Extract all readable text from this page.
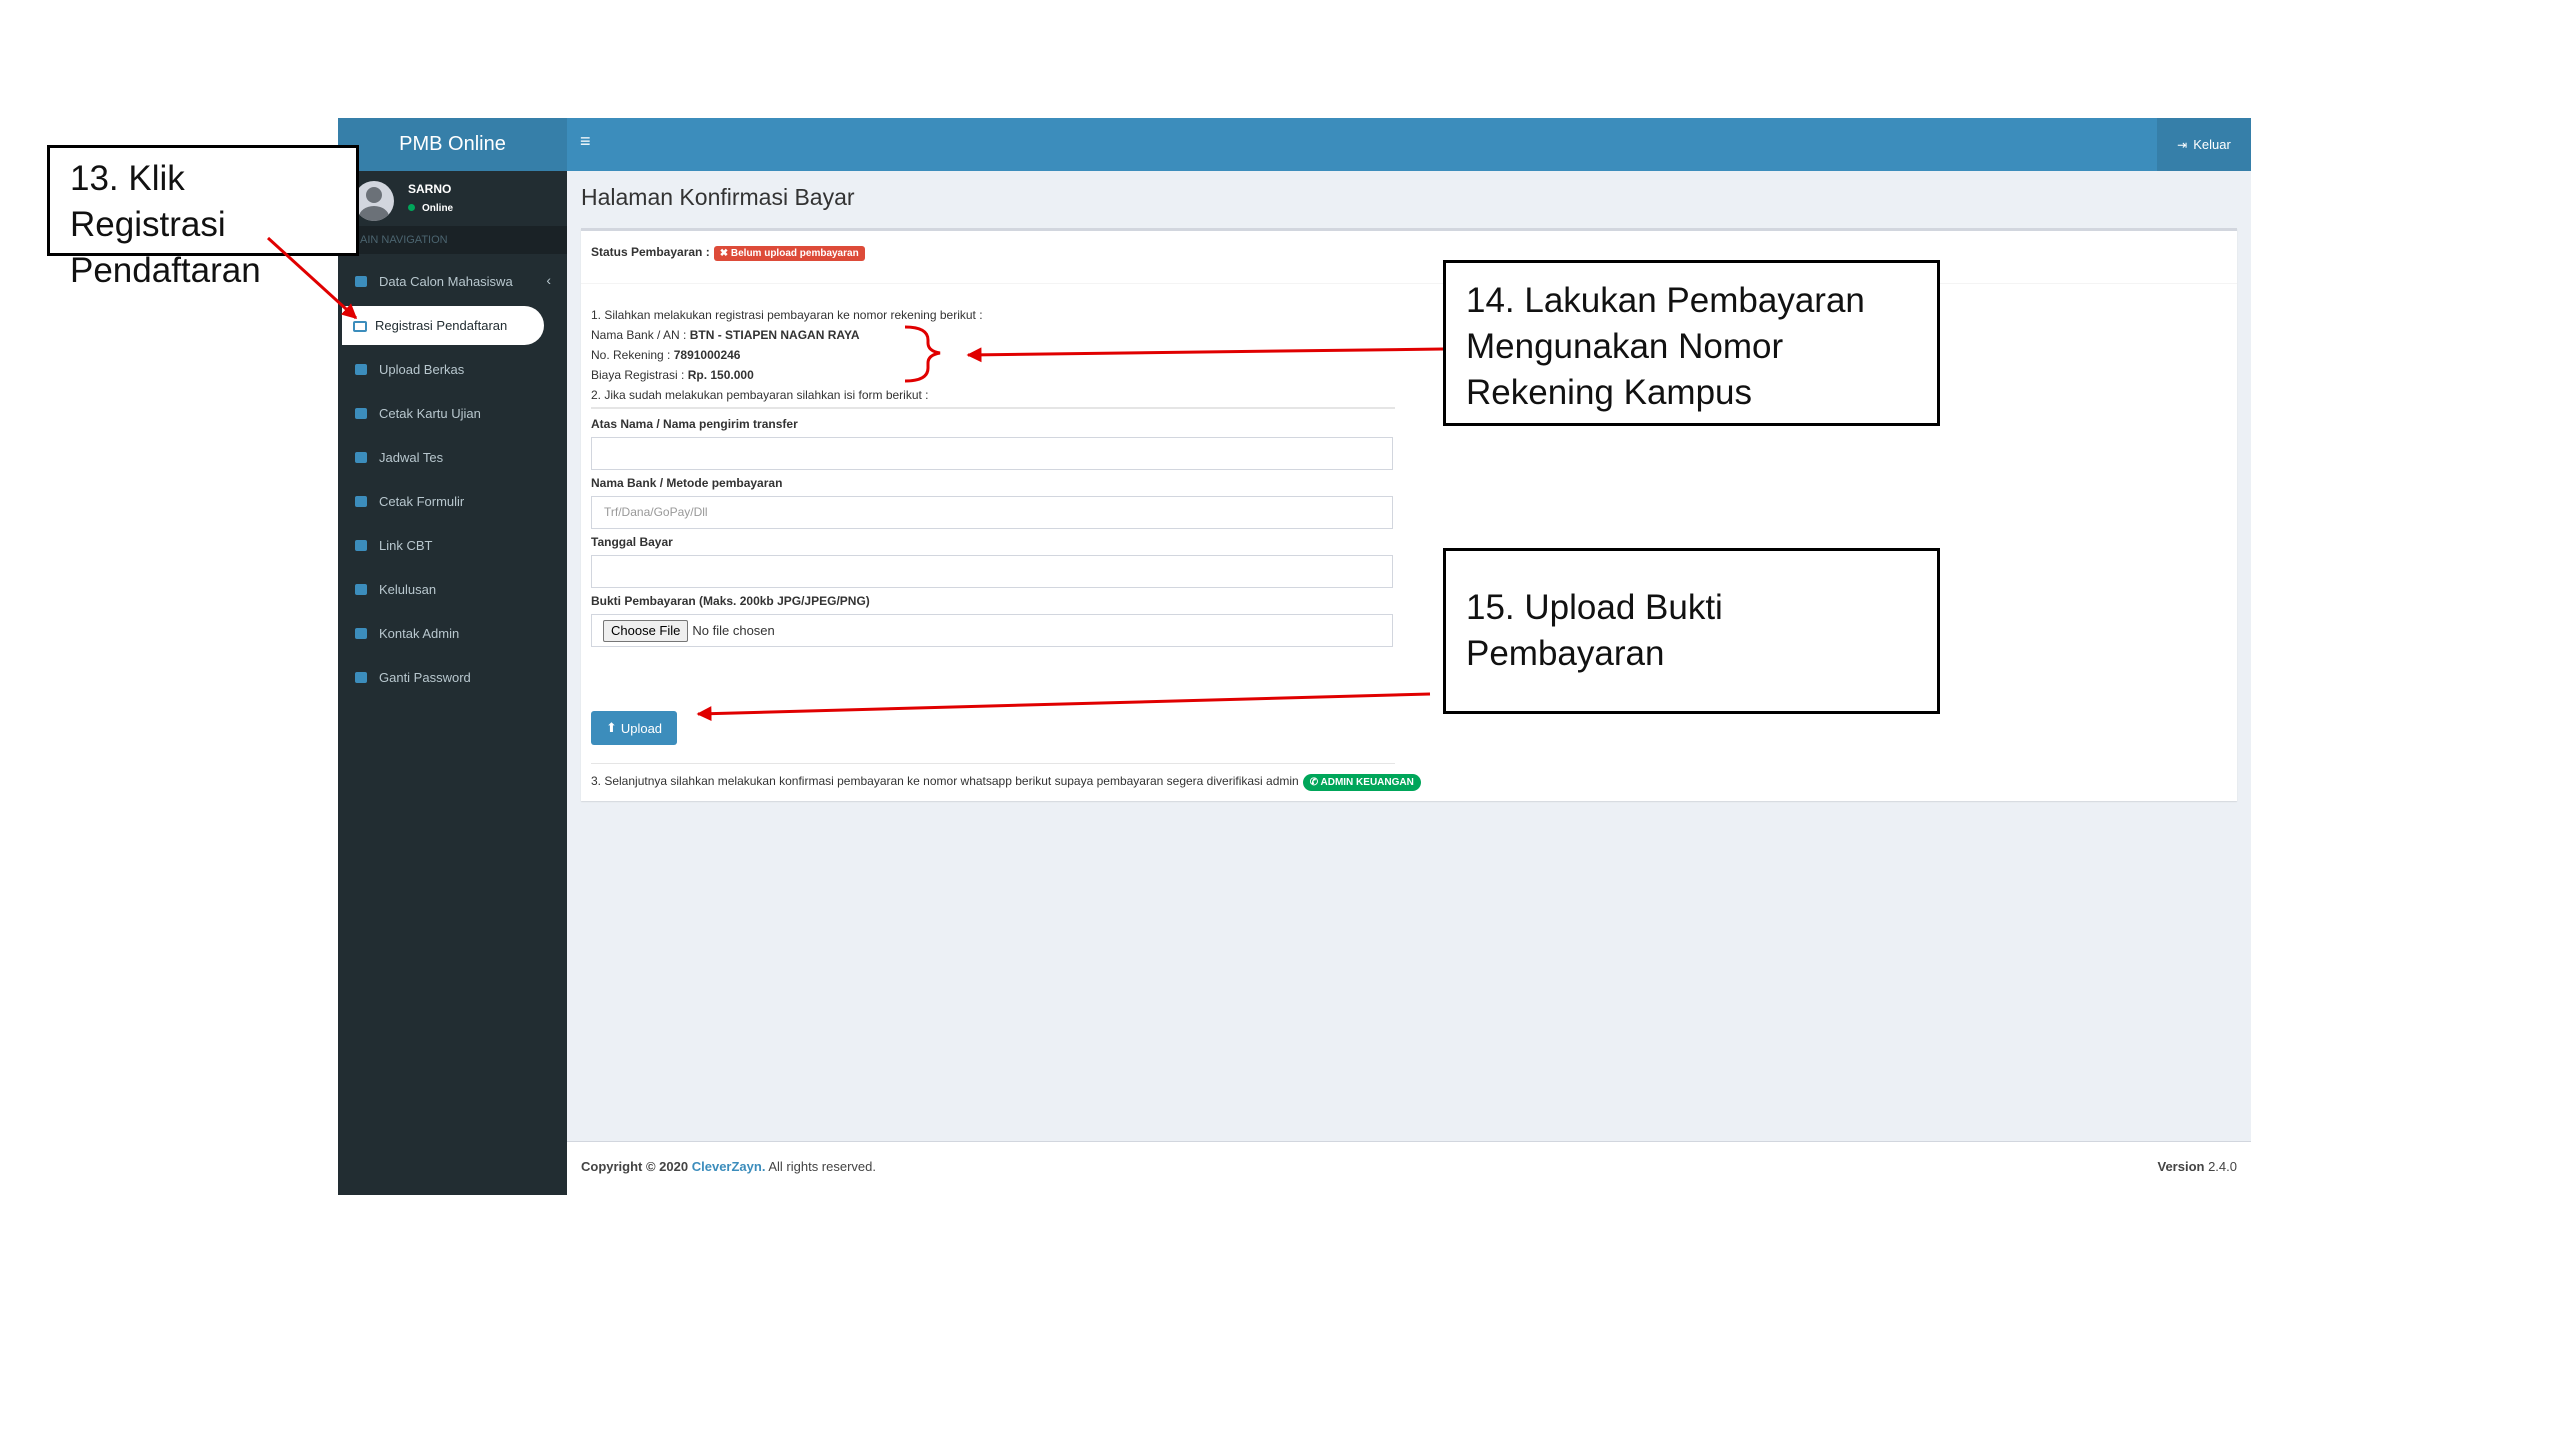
PMB Online
SARNO
Online
AIN NAVIGATION
Data Calon Mahasiswa ‹
Registrasi Pendaftaran
Upload Berkas
Cetak Kartu Ujian
Jadwal Tes
Cetak Formulir
Link CBT
Kelulusan
Kontak Admin
Ganti Password
≡	⇥ Keluar
Halaman Konfirmasi Bayar
Status Pembayaran : ✖ Belum upload pembayaran
1. Silahkan melakukan registrasi pembayaran ke nomor rekening berikut :
Nama Bank / AN : BTN - STIAPEN NAGAN RAYA
No. Rekening : 7891000246
Biaya Registrasi : Rp. 150.000
2. Jika sudah melakukan pembayaran silahkan isi form berikut :
Atas Nama / Nama pengirim transfer
Nama Bank / Metode pembayaran
Trf/Dana/GoPay/Dll
Tanggal Bayar
Bukti Pembayaran (Maks. 200kb JPG/JPEG/PNG)
Choose File No file chosen
⬆ Upload
3. Selanjutnya silahkan melakukan konfirmasi pembayaran ke nomor whatsapp berikut supaya pembayaran segera diverifikasi admin ✆ ADMIN KEUANGAN
Copyright © 2020 CleverZayn. All rights reserved.	Version 2.4.0
13. Klik Registrasi
Pendaftaran
14. Lakukan Pembayaran
Mengunakan Nomor
Rekening Kampus
15. Upload Bukti Pembayaran
